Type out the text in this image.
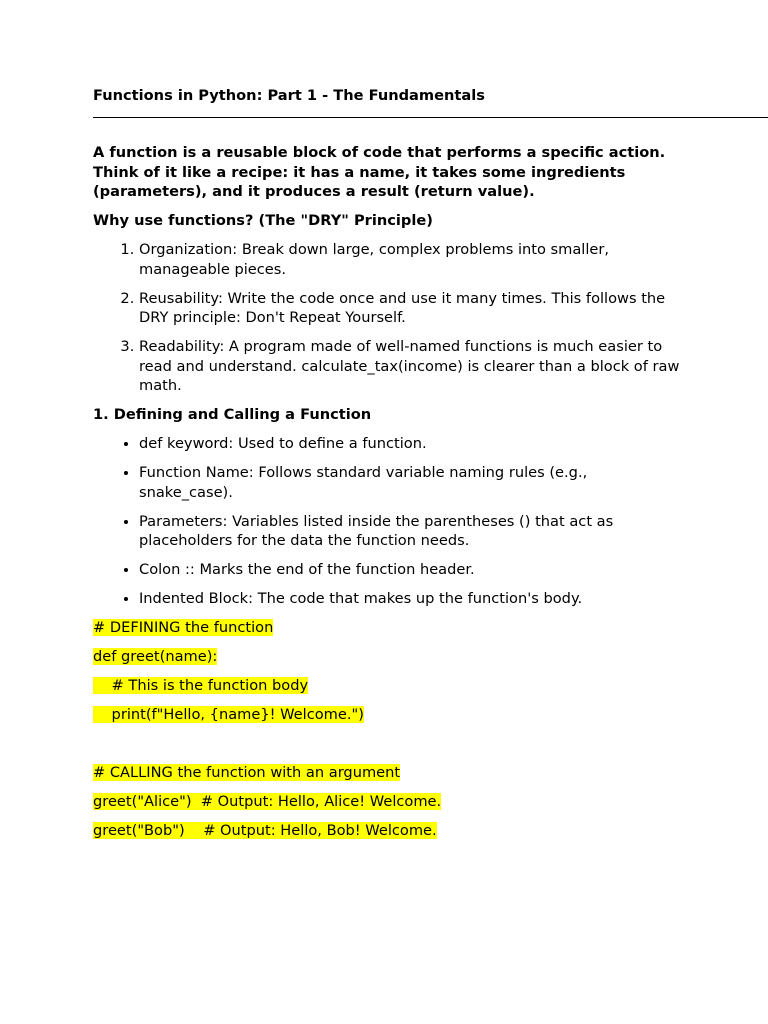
Functions in Python: Part 1 - The Fundamentals

A function is a reusable block of code that performs a specific action. Think of it like a recipe: it has a name, it takes some ingredients (parameters), and it produces a result (return value).

Why use functions? (The "DRY" Principle)

1. Organization: Break down large, complex problems into smaller, manageable pieces.
2. Reusability: Write the code once and use it many times. This follows the DRY principle: Don't Repeat Yourself.
3. Readability: A program made of well-named functions is much easier to read and understand. calculate_tax(income) is clearer than a block of raw math.

1. Defining and Calling a Function

• def keyword: Used to define a function.
• Function Name: Follows standard variable naming rules (e.g., snake_case).
• Parameters: Variables listed inside the parentheses () that act as placeholders for the data the function needs.
• Colon :: Marks the end of the function header.
• Indented Block: The code that makes up the function's body.
# DEFINING the function
def greet(name):
# This is the function body
print(f"Hello, {name}! Welcome.")
# CALLING the function with an argument
greet("Alice")  # Output: Hello, Alice! Welcome.
greet("Bob")    # Output: Hello, Bob! Welcome.
